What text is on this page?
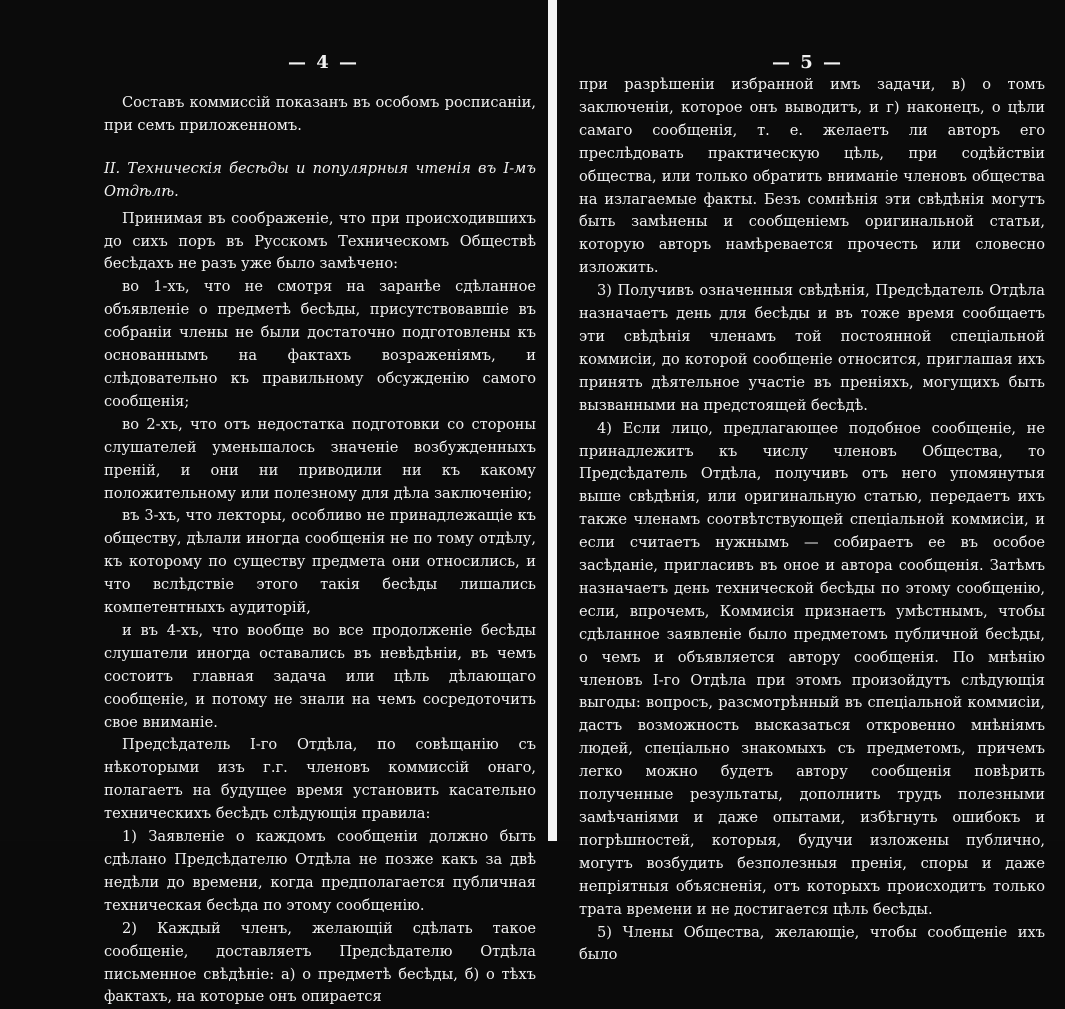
— 4 —

Составъ коммиссій показанъ въ особомъ росписаніи, при семъ приложенномъ.

II. Техническія бесѣды и популярныя чтенія въ I-мъ Отдѣлѣ.

Принимая въ соображеніе, что при происходившихъ до сихъ поръ въ Русскомъ Техническомъ Обществѣ бесѣдахъ не разъ уже было замѣчено:

во 1-хъ, что не смотря на заранѣе сдѣланное объявленіе о предметѣ бесѣды, присутствовавшіе въ собраніи члены не были достаточно подготовлены къ основаннымъ на фактахъ возраженіямъ, и слѣдовательно къ правильному обсужденію самого сообщенія;

во 2-хъ, что отъ недостатка подготовки со стороны слушателей уменьшалось значеніе возбужденныхъ преній, и они ни приводили ни къ какому положительному или полезному для дѣла заключенію;

въ 3-хъ, что лекторы, особливо не принадлежащіе къ обществу, дѣлали иногда сообщенія не по тому отдѣлу, къ которому по существу предмета они относились, и что вслѣдствіе этого такія бесѣды лишались компетентныхъ аудиторій,

и въ 4-хъ, что вообще во все продолженіе бесѣды слушатели иногда оставались въ невѣдѣніи, въ чемъ состоитъ главная задача или цѣль дѣлающаго сообщеніе, и потому не знали на чемъ сосредоточить свое вниманіе.

Предсѣдатель I-го Отдѣла, по совѣщанію съ нѣкоторыми изъ г.г. членовъ коммиссій онаго, полагаетъ на будущее время установить касательно техническихъ бесѣдъ слѣдующія правила:

1) Заявленіе о каждомъ сообщеніи должно быть сдѣлано Предсѣдателю Отдѣла не позже какъ за двѣ недѣли до времени, когда предполагается публичная техническая бесѣда по этому сообщенію.

2) Каждый членъ, желающій сдѣлать такое сообщеніе, доставляетъ Предсѣдателю Отдѣла письменное свѣдѣніе: а) о предметѣ бесѣды, б) о тѣхъ фактахъ, на которые онъ опирается

— 5 —

при разрѣшеніи избранной имъ задачи, в) о томъ заключеніи, которое онъ выводитъ, и г) наконецъ, о цѣли самаго сообщенія, т. е. желаетъ ли авторъ его преслѣдовать практическую цѣль, при содѣйствіи общества, или только обратить вниманіе членовъ общества на излагаемые факты. Безъ сомнѣнія эти свѣдѣнія могутъ быть замѣнены и сообщеніемъ оригинальной статьи, которую авторъ намѣревается прочесть или словесно изложить.

3) Получивъ означенныя свѣдѣнія, Предсѣдатель Отдѣла назначаетъ день для бесѣды и въ тоже время сообщаетъ эти свѣдѣнія членамъ той постоянной спеціальной коммисіи, до которой сообщеніе относится, приглашая ихъ принять дѣятельное участіе въ преніяхъ, могущихъ быть вызванными на предстоящей бесѣдѣ.

4) Если лицо, предлагающее подобное сообщеніе, не принадлежитъ къ числу членовъ Общества, то Предсѣдатель Отдѣла, получивъ отъ него упомянутыя выше свѣдѣнія, или оригинальную статью, передаетъ ихъ также членамъ соотвѣтствующей спеціальной коммисіи, и если считаетъ нужнымъ — собираетъ ее въ особое засѣданіе, пригласивъ въ оное и автора сообщенія. Затѣмъ назначаетъ день технической бесѣды по этому сообщенію, если, впрочемъ, Коммисія признаетъ умѣстнымъ, чтобы сдѣланное заявленіе было предметомъ публичной бесѣды, о чемъ и объявляется автору сообщенія. По мнѣнію членовъ I-го Отдѣла при этомъ произойдутъ слѣдующія выгоды: вопросъ, разсмотрѣнный въ спеціальной коммисіи, дастъ возможность высказаться откровенно мнѣніямъ людей, спеціально знакомыхъ съ предметомъ, причемъ легко можно будетъ автору сообщенія повѣрить полученные результаты, дополнить трудъ полезными замѣчаніями и даже опытами, избѣгнуть ошибокъ и погрѣшностей, которыя, будучи изложены публично, могутъ возбудить безполезныя пренія, споры и даже непріятныя объясненія, отъ которыхъ происходитъ только трата времени и не достигается цѣль бесѣды.

5) Члены Общества, желающіе, чтобы сообщеніе ихъ было
